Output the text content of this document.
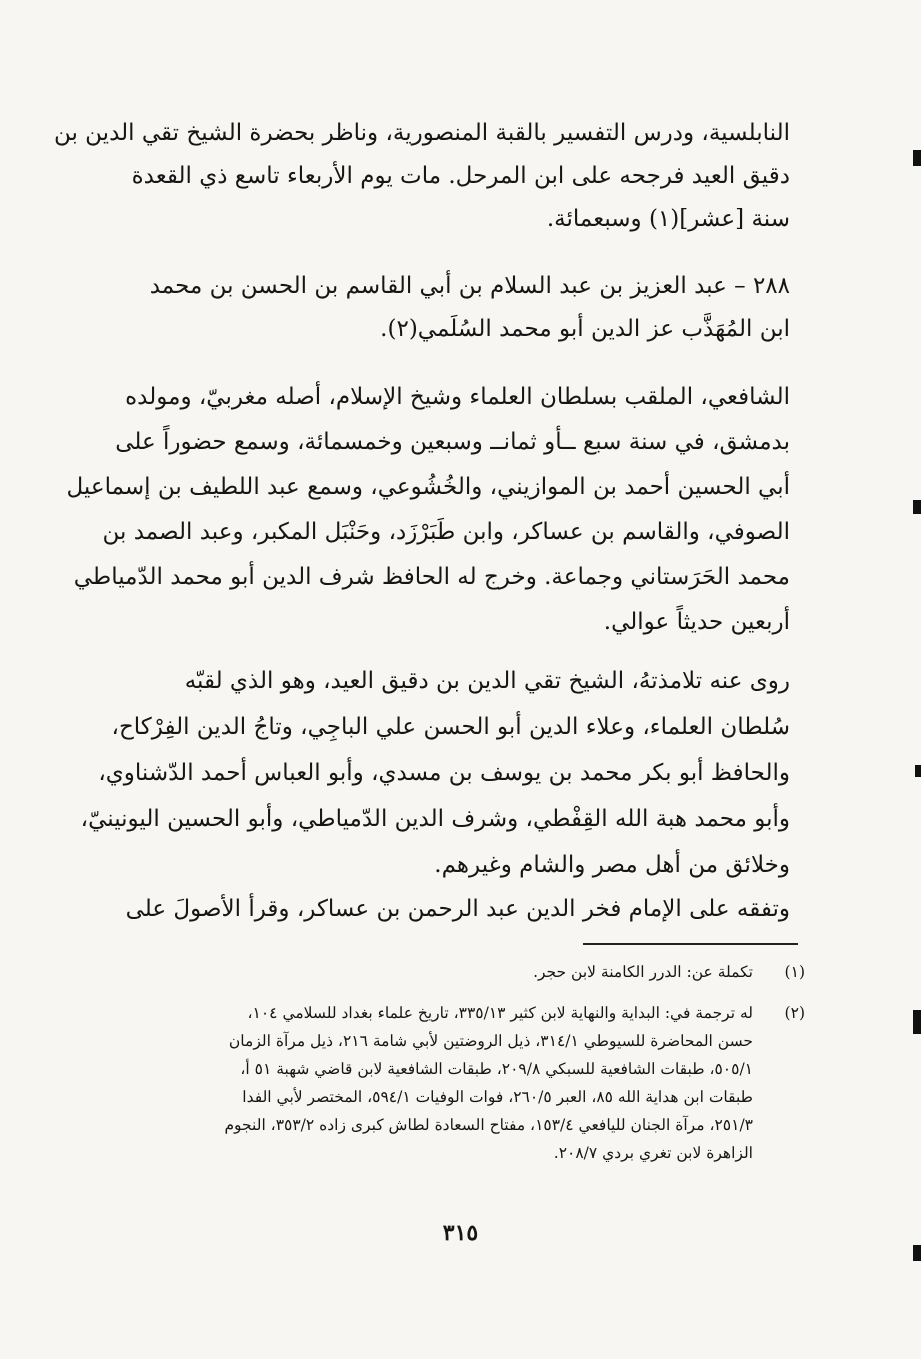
النابلسية، ودرس التفسير بالقبة المنصورية، وناظر بحضرة الشيخ تقي الدين بن
دقيق العيد فرجحه على ابن المرحل. مات يوم الأربعاء تاسع ذي القعدة
سنة [عشر](١) وسبعمائة.
٢٨٨ – عبد العزيز بن عبد السلام بن أبي القاسم بن الحسن بن محمد
ابن المُهَذَّب عز الدين أبو محمد السُلَمي(٢).
الشافعي، الملقب بسلطان العلماء وشيخ الإسلام، أصله مغربيّ، ومولده
بدمشق، في سنة سبع ــأو ثمانــ وسبعين وخمسمائة، وسمع حضوراً على
أبي الحسين أحمد بن الموازيني، والخُشُوعي، وسمع عبد اللطيف بن إسماعيل
الصوفي، والقاسم بن عساكر، وابن طَبَرْزَد، وحَنْبَل المكبر، وعبد الصمد بن
محمد الحَرَستاني وجماعة. وخرج له الحافظ شرف الدين أبو محمد الدّمياطي
أربعين حديثاً عوالي.
روى عنه تلامذتهُ، الشيخ تقي الدين بن دقيق العيد، وهو الذي لقبّه
سُلطان العلماء، وعلاء الدين أبو الحسن علي الباجِي، وتاجُ الدين الفِرْكاح،
والحافظ أبو بكر محمد بن يوسف بن مسدي، وأبو العباس أحمد الدّشناوي،
وأبو محمد هبة الله القِفْطي، وشرف الدين الدّمياطي، وأبو الحسين اليونينيّ،
وخلائق من أهل مصر والشام وغيرهم.
وتفقه على الإمام فخر الدين عبد الرحمن بن عساكر، وقرأ الأصولَ على
(١)
تكملة عن: الدرر الكامنة لابن حجر.
(٢)
له ترجمة في: البداية والنهاية لابن كثير ٣٣٥/١٣، تاريخ علماء بغداد للسلامي ١٠٤،
حسن المحاضرة للسيوطي ٣١٤/١، ذيل الروضتين لأبي شامة ٢١٦، ذيل مرآة الزمان
٥٠٥/١، طبقات الشافعية للسبكي ٢٠٩/٨، طبقات الشافعية لابن قاضي شهبة ٥١ أ،
طبقات ابن هداية الله ٨٥، العبر ٢٦٠/٥، فوات الوفيات ٥٩٤/١، المختصر لأبي الفدا
٢٥١/٣، مرآة الجنان لليافعي ١٥٣/٤، مفتاح السعادة لطاش كبرى زاده ٣٥٣/٢، النجوم
الزاهرة لابن تغري بردي ٢٠٨/٧.
٣١٥
